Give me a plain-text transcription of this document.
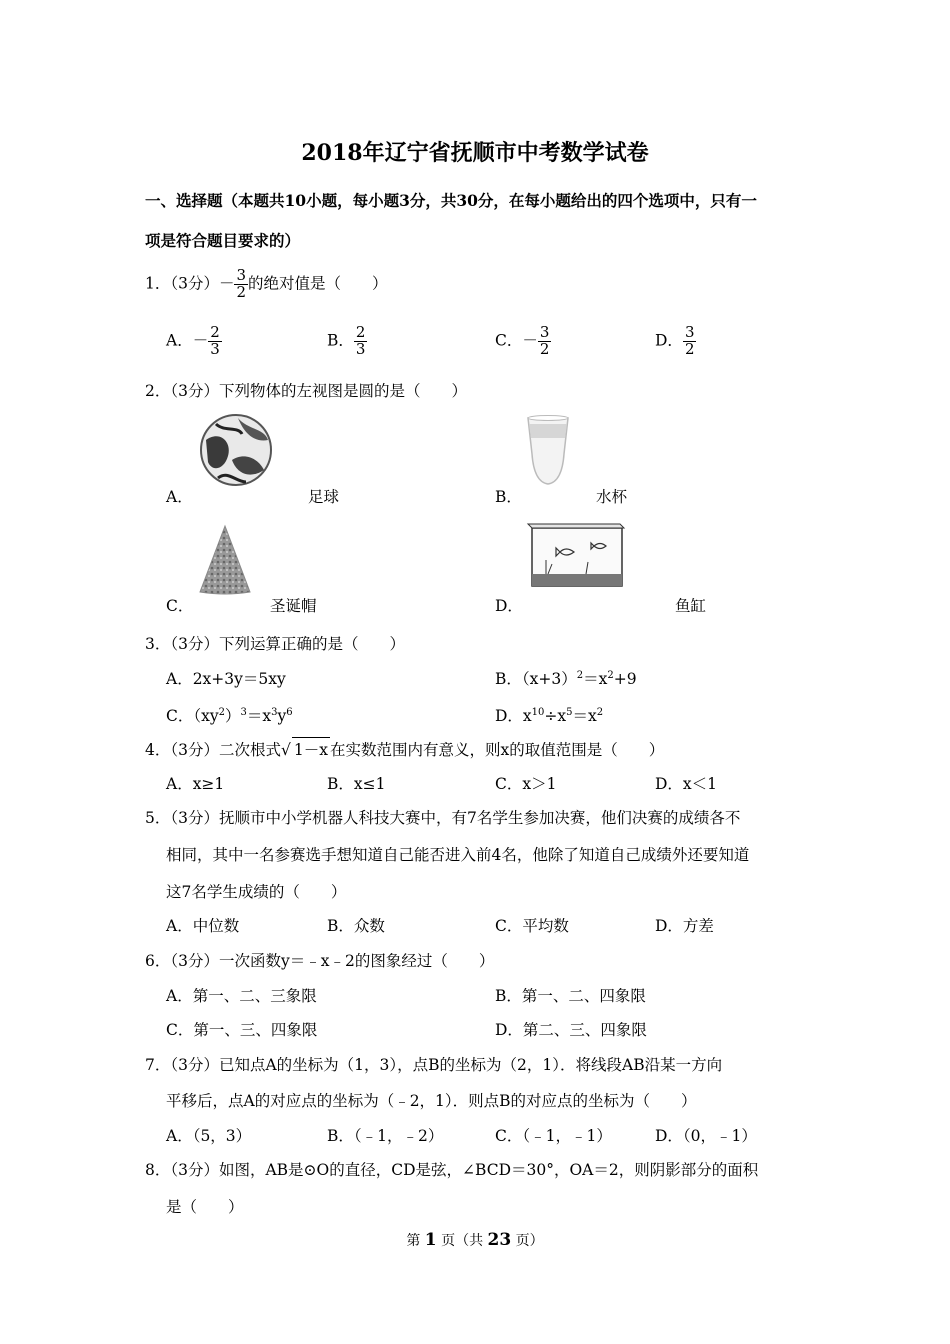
2018年辽宁省抚顺市中考数学试卷
一、选择题（本题共10小题，每小题3分，共30分，在每小题给出的四个选项中，只有一
项是符合题目要求的）
1．（3分）－ $\frac{3}{2}$ 的绝对值是（　　）
A．－ $\frac{2}{3}$	B． $\frac{2}{3}$	C．－ $\frac{3}{2}$	D． $\frac{3}{2}$
2．（3分）下列物体的左视图是圆的是（　　）
A．	足球	B．	水杯
C．	圣诞帽	D．	鱼缸
3．（3分）下列运算正确的是（　　）
A．2x+3y＝5xy	B．$(x+3)^2=x^2+9$
C．$(xy^2)^3=x^3y^6$	D．$x^{10}\div x^5=x^2$
4．（3分）二次根式√ 1－x 在实数范围内有意义，则x的取值范围是（　　）
A．x≥1	B．x≤1	C．x＞1	D．x＜1
5．（3分）抚顺市中小学机器人科技大赛中，有7名学生参加决赛，他们决赛的成绩各不
相同，其中一名参赛选手想知道自己能否进入前4名，他除了知道自己成绩外还要知道
这7名学生成绩的（　　）
A．中位数	B．众数	C．平均数	D．方差
6．（3分）一次函数y＝﹣x﹣2的图象经过（　　）
A．第一、二、三象限	B．第一、二、四象限
C．第一、三、四象限	D．第二、三、四象限
7．（3分）已知点A的坐标为（1，3），点B的坐标为（2，1）．将线段AB沿某一方向
平移后，点A的对应点的坐标为（﹣2，1）．则点B的对应点的坐标为（　　）
A．（5，3）	B．（﹣1，﹣2）	C．（﹣1，﹣1）	D．（0，﹣1）
8．（3分）如图，AB是⊙O的直径，CD是弦，∠BCD＝30°，OA＝2，则阴影部分的面积
是（　　）
第 1 页（共 23 页）
